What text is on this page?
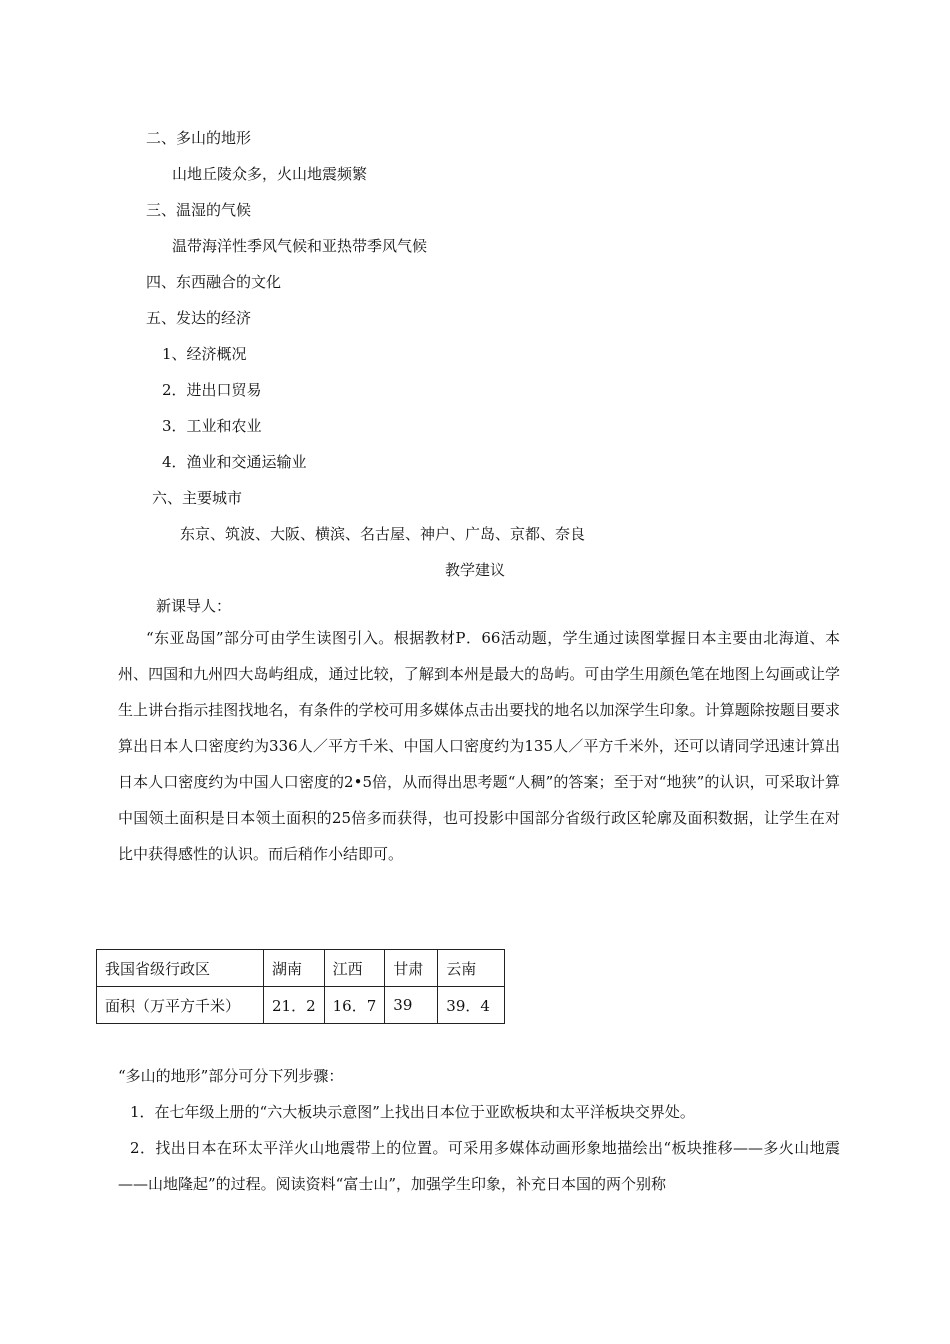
二、多山的地形
山地丘陵众多，火山地震频繁
三、温湿的气候
温带海洋性季风气候和亚热带季风气候
四、东西融合的文化
五、发达的经济
1、经济概况
2．进出口贸易
3．工业和农业
4．渔业和交通运输业
六、主要城市
东京、筑波、大阪、横滨、名古屋、神户、广岛、京都、奈良
教学建议
新课导人：

“东亚岛国”部分可由学生读图引入。根据教材P．66活动题，学生通过读图掌握日本主要由北海道、本州、四国和九州四大岛屿组成，通过比较，了解到本州是最大的岛屿。可由学生用颜色笔在地图上勾画或让学生上讲台指示挂图找地名，有条件的学校可用多媒体点击出要找的地名以加深学生印象。计算题除按题目要求算出日本人口密度约为336人／平方千米、中国人口密度约为135人／平方千米外，还可以请同学迅速计算出日本人口密度约为中国人口密度的2•5倍，从而得出思考题“人稠”的答案；至于对“地狭”的认识，可采取计算中国领土面积是日本领土面积的25倍多而获得，也可投影中国部分省级行政区轮廓及面积数据，让学生在对比中获得感性的认识。而后稍作小结即可。

我国省级行政区	湖南	江西	甘肃	云南
面积（万平方千米）	21．2	16．7	39	39．4
“多山的地形”部分可分下列步骤：

1．在七年级上册的“六大板块示意图”上找出日本位于亚欧板块和太平洋板块交界处。

2．找出日本在环太平洋火山地震带上的位置。可采用多媒体动画形象地描绘出“板块推移——多火山地震——山地隆起”的过程。阅读资料“富士山”，加强学生印象，补充日本国的两个别称
